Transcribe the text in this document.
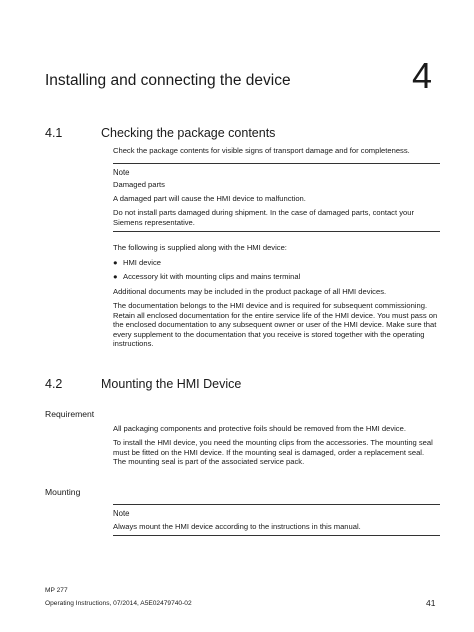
Installing and connecting the device	4
4.1	Checking the package contents
Check the package contents for visible signs of transport damage and for completeness.
Note
Damaged parts
A damaged part will cause the HMI device to malfunction.
Do not install parts damaged during shipment. In the case of damaged parts, contact your Siemens representative.
The following is supplied along with the HMI device:
● HMI device
● Accessory kit with mounting clips and mains terminal
Additional documents may be included in the product package of all HMI devices.
The documentation belongs to the HMI device and is required for subsequent commissioning. Retain all enclosed documentation for the entire service life of the HMI device. You must pass on the enclosed documentation to any subsequent owner or user of the HMI device. Make sure that every supplement to the documentation that you receive is stored together with the operating instructions.
4.2	Mounting the HMI Device
Requirement
All packaging components and protective foils should be removed from the HMI device.
To install the HMI device, you need the mounting clips from the accessories. The mounting seal must be fitted on the HMI device. If the mounting seal is damaged, order a replacement seal. The mounting seal is part of the associated service pack.
Mounting
Note
Always mount the HMI device according to the instructions in this manual.
MP 277
Operating Instructions, 07/2014, A5E02479740-02	41
